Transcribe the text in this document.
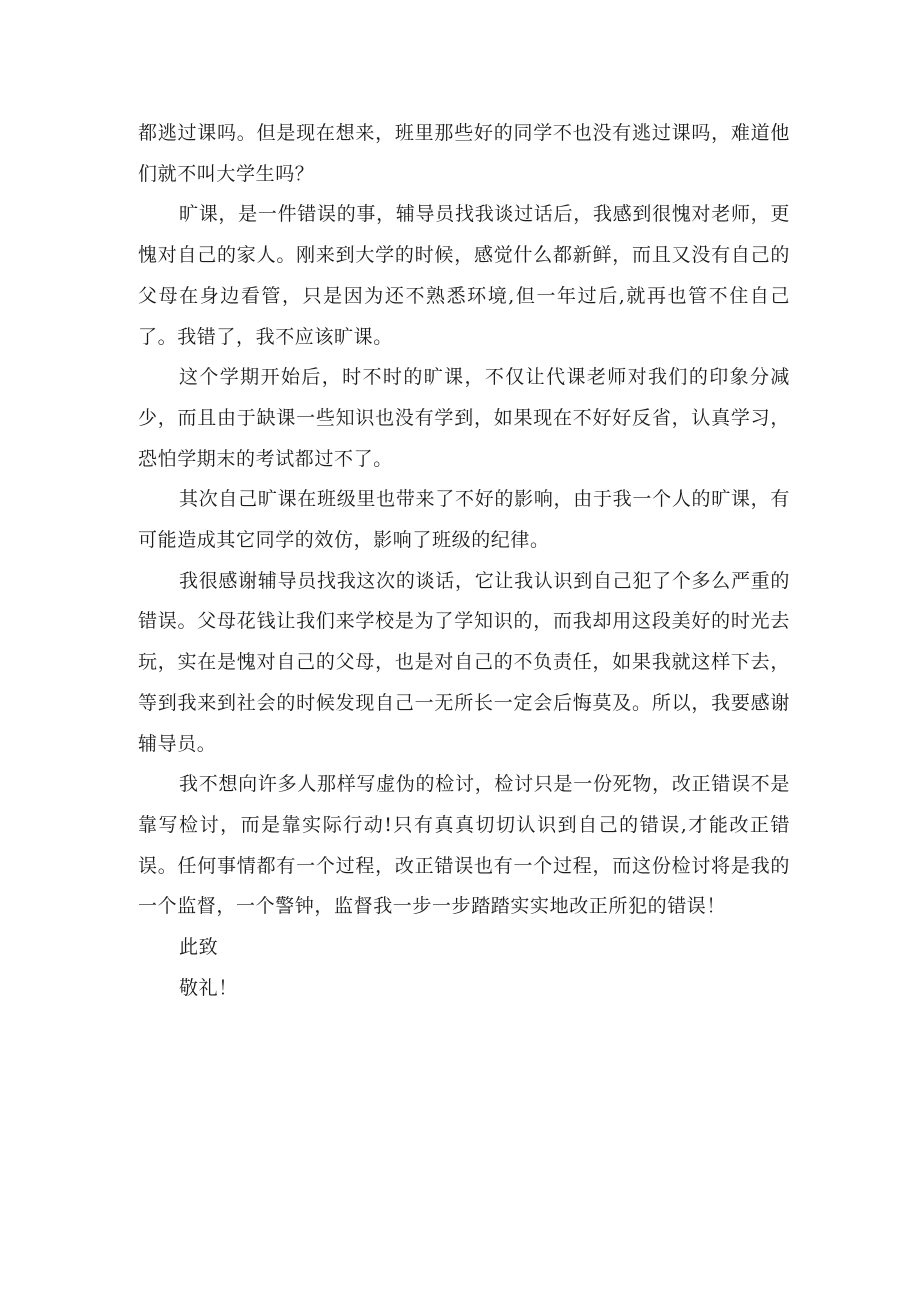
都逃过课吗。但是现在想来，班里那些好的同学不也没有逃过课吗，难道他们就不叫大学生吗？

旷课，是一件错误的事，辅导员找我谈过话后，我感到很愧对老师，更愧对自己的家人。刚来到大学的时候，感觉什么都新鲜，而且又没有自己的父母在身边看管，只是因为还不熟悉环境,但一年过后,就再也管不住自己了。我错了，我不应该旷课。

这个学期开始后，时不时的旷课，不仅让代课老师对我们的印象分减少，而且由于缺课一些知识也没有学到，如果现在不好好反省，认真学习，恐怕学期末的考试都过不了。

其次自己旷课在班级里也带来了不好的影响，由于我一个人的旷课，有可能造成其它同学的效仿，影响了班级的纪律。

我很感谢辅导员找我这次的谈话，它让我认识到自己犯了个多么严重的错误。父母花钱让我们来学校是为了学知识的，而我却用这段美好的时光去玩，实在是愧对自己的父母，也是对自己的不负责任，如果我就这样下去，等到我来到社会的时候发现自己一无所长一定会后悔莫及。所以，我要感谢辅导员。

我不想向许多人那样写虚伪的检讨，检讨只是一份死物，改正错误不是靠写检讨，而是靠实际行动!只有真真切切认识到自己的错误,才能改正错误。任何事情都有一个过程，改正错误也有一个过程，而这份检讨将是我的一个监督，一个警钟，监督我一步一步踏踏实实地改正所犯的错误！

此致

敬礼！
